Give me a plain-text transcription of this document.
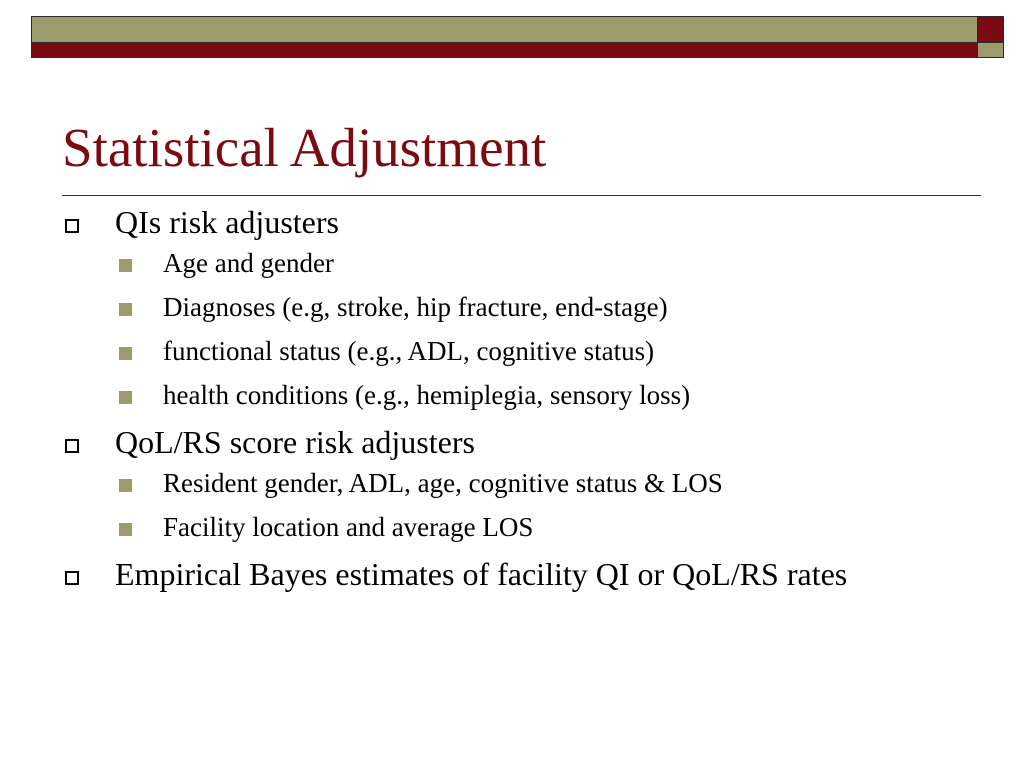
Statistical Adjustment
QIs risk adjusters
Age and gender
Diagnoses (e.g, stroke, hip fracture, end-stage)
functional status (e.g., ADL, cognitive status)
health conditions (e.g., hemiplegia, sensory loss)
QoL/RS score risk adjusters
Resident gender, ADL, age, cognitive status & LOS
Facility location and average LOS
Empirical Bayes estimates of facility QI or QoL/RS rates
